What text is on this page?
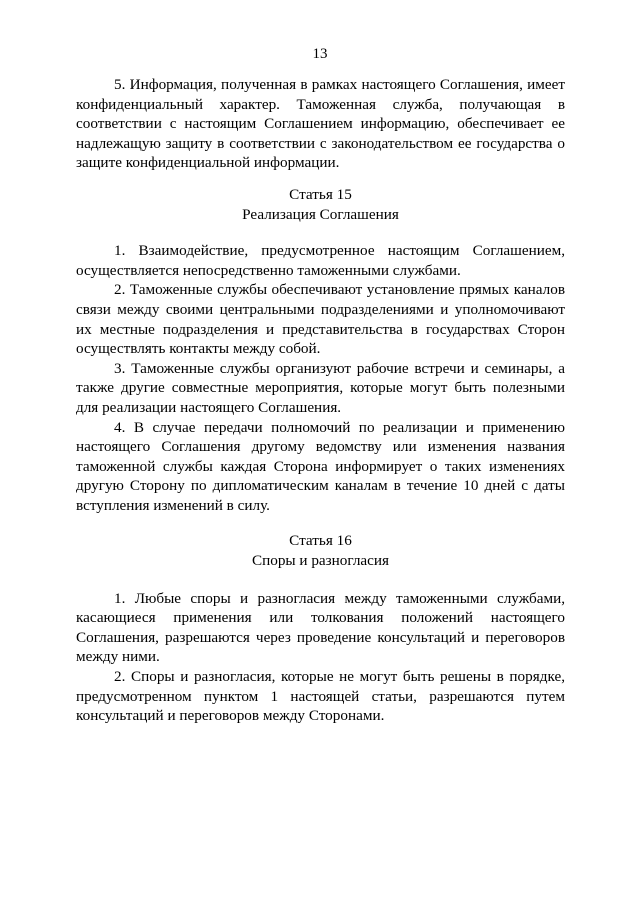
13

5. Информация, полученная в рамках настоящего Соглашения, имеет конфиденциальный характер. Таможенная служба, получающая в соответствии с настоящим Соглашением информацию, обеспечивает ее надлежащую защиту в соответствии с законодательством ее государства о защите конфиденциальной информации.

Статья 15
Реализация Соглашения

1. Взаимодействие, предусмотренное настоящим Соглашением, осуществляется непосредственно таможенными службами.

2. Таможенные службы обеспечивают установление прямых каналов связи между своими центральными подразделениями и уполномочивают их местные подразделения и представительства в государствах Сторон осуществлять контакты между собой.

3. Таможенные службы организуют рабочие встречи и семинары, а также другие совместные мероприятия, которые могут быть полезными для реализации настоящего Соглашения.

4. В случае передачи полномочий по реализации и применению настоящего Соглашения другому ведомству или изменения названия таможенной службы каждая Сторона информирует о таких изменениях другую Сторону по дипломатическим каналам в течение 10 дней с даты вступления изменений в силу.

Статья 16
Споры и разногласия

1. Любые споры и разногласия между таможенными службами, касающиеся применения или толкования положений настоящего Соглашения, разрешаются через проведение консультаций и переговоров между ними.

2. Споры и разногласия, которые не могут быть решены в порядке, предусмотренном пунктом 1 настоящей статьи, разрешаются путем консультаций и переговоров между Сторонами.
